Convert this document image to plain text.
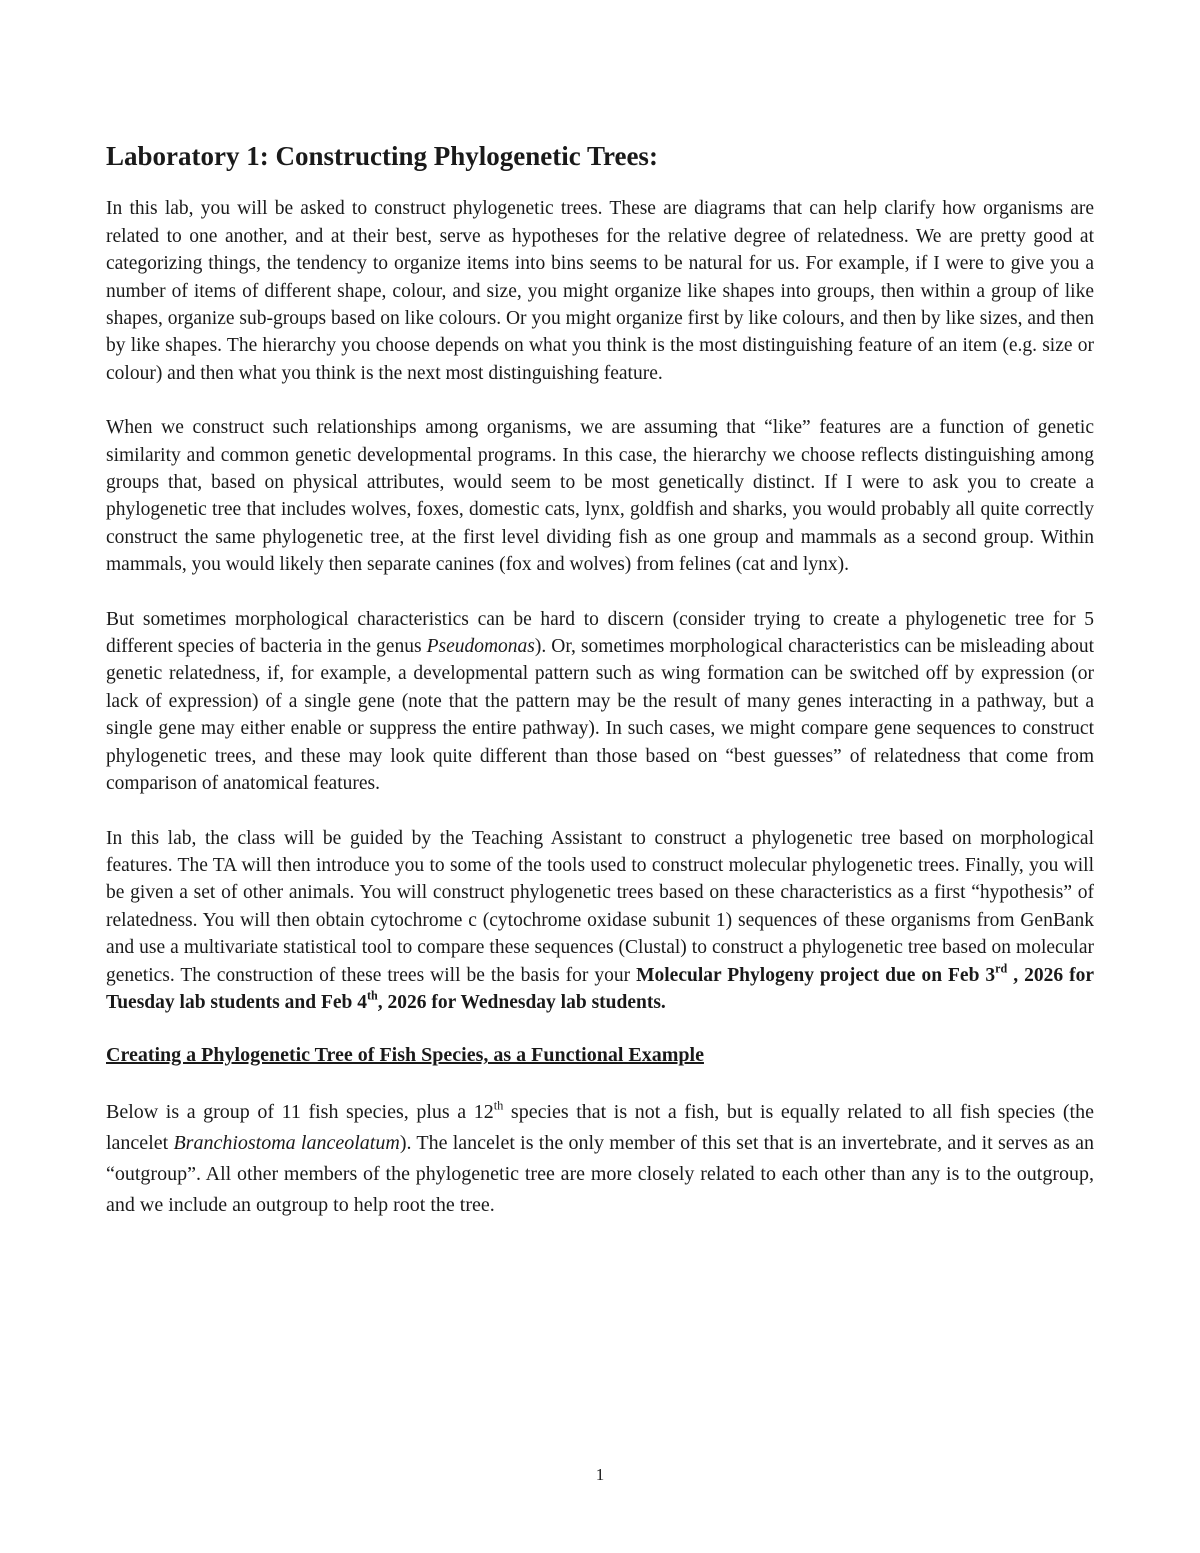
Laboratory 1: Constructing Phylogenetic Trees:

In this lab, you will be asked to construct phylogenetic trees. These are diagrams that can help clarify how organisms are related to one another, and at their best, serve as hypotheses for the relative degree of relatedness. We are pretty good at categorizing things, the tendency to organize items into bins seems to be natural for us. For example, if I were to give you a number of items of different shape, colour, and size, you might organize like shapes into groups, then within a group of like shapes, organize sub-groups based on like colours. Or you might organize first by like colours, and then by like sizes, and then by like shapes. The hierarchy you choose depends on what you think is the most distinguishing feature of an item (e.g. size or colour) and then what you think is the next most distinguishing feature.

When we construct such relationships among organisms, we are assuming that “like” features are a function of genetic similarity and common genetic developmental programs. In this case, the hierarchy we choose reflects distinguishing among groups that, based on physical attributes, would seem to be most genetically distinct. If I were to ask you to create a phylogenetic tree that includes wolves, foxes, domestic cats, lynx, goldfish and sharks, you would probably all quite correctly construct the same phylogenetic tree, at the first level dividing fish as one group and mammals as a second group. Within mammals, you would likely then separate canines (fox and wolves) from felines (cat and lynx).

But sometimes morphological characteristics can be hard to discern (consider trying to create a phylogenetic tree for 5 different species of bacteria in the genus Pseudomonas). Or, sometimes morphological characteristics can be misleading about genetic relatedness, if, for example, a developmental pattern such as wing formation can be switched off by expression (or lack of expression) of a single gene (note that the pattern may be the result of many genes interacting in a pathway, but a single gene may either enable or suppress the entire pathway). In such cases, we might compare gene sequences to construct phylogenetic trees, and these may look quite different than those based on “best guesses” of relatedness that come from comparison of anatomical features.

In this lab, the class will be guided by the Teaching Assistant to construct a phylogenetic tree based on morphological features. The TA will then introduce you to some of the tools used to construct molecular phylogenetic trees. Finally, you will be given a set of other animals. You will construct phylogenetic trees based on these characteristics as a first “hypothesis” of relatedness. You will then obtain cytochrome c (cytochrome oxidase subunit 1) sequences of these organisms from GenBank and use a multivariate statistical tool to compare these sequences (Clustal) to construct a phylogenetic tree based on molecular genetics. The construction of these trees will be the basis for your Molecular Phylogeny project due on Feb 3rd , 2026 for Tuesday lab students and Feb 4th, 2026 for Wednesday lab students.

Creating a Phylogenetic Tree of Fish Species, as a Functional Example

Below is a group of 11 fish species, plus a 12th species that is not a fish, but is equally related to all fish species (the lancelet Branchiostoma lanceolatum). The lancelet is the only member of this set that is an invertebrate, and it serves as an “outgroup”. All other members of the phylogenetic tree are more closely related to each other than any is to the outgroup, and we include an outgroup to help root the tree.

1
